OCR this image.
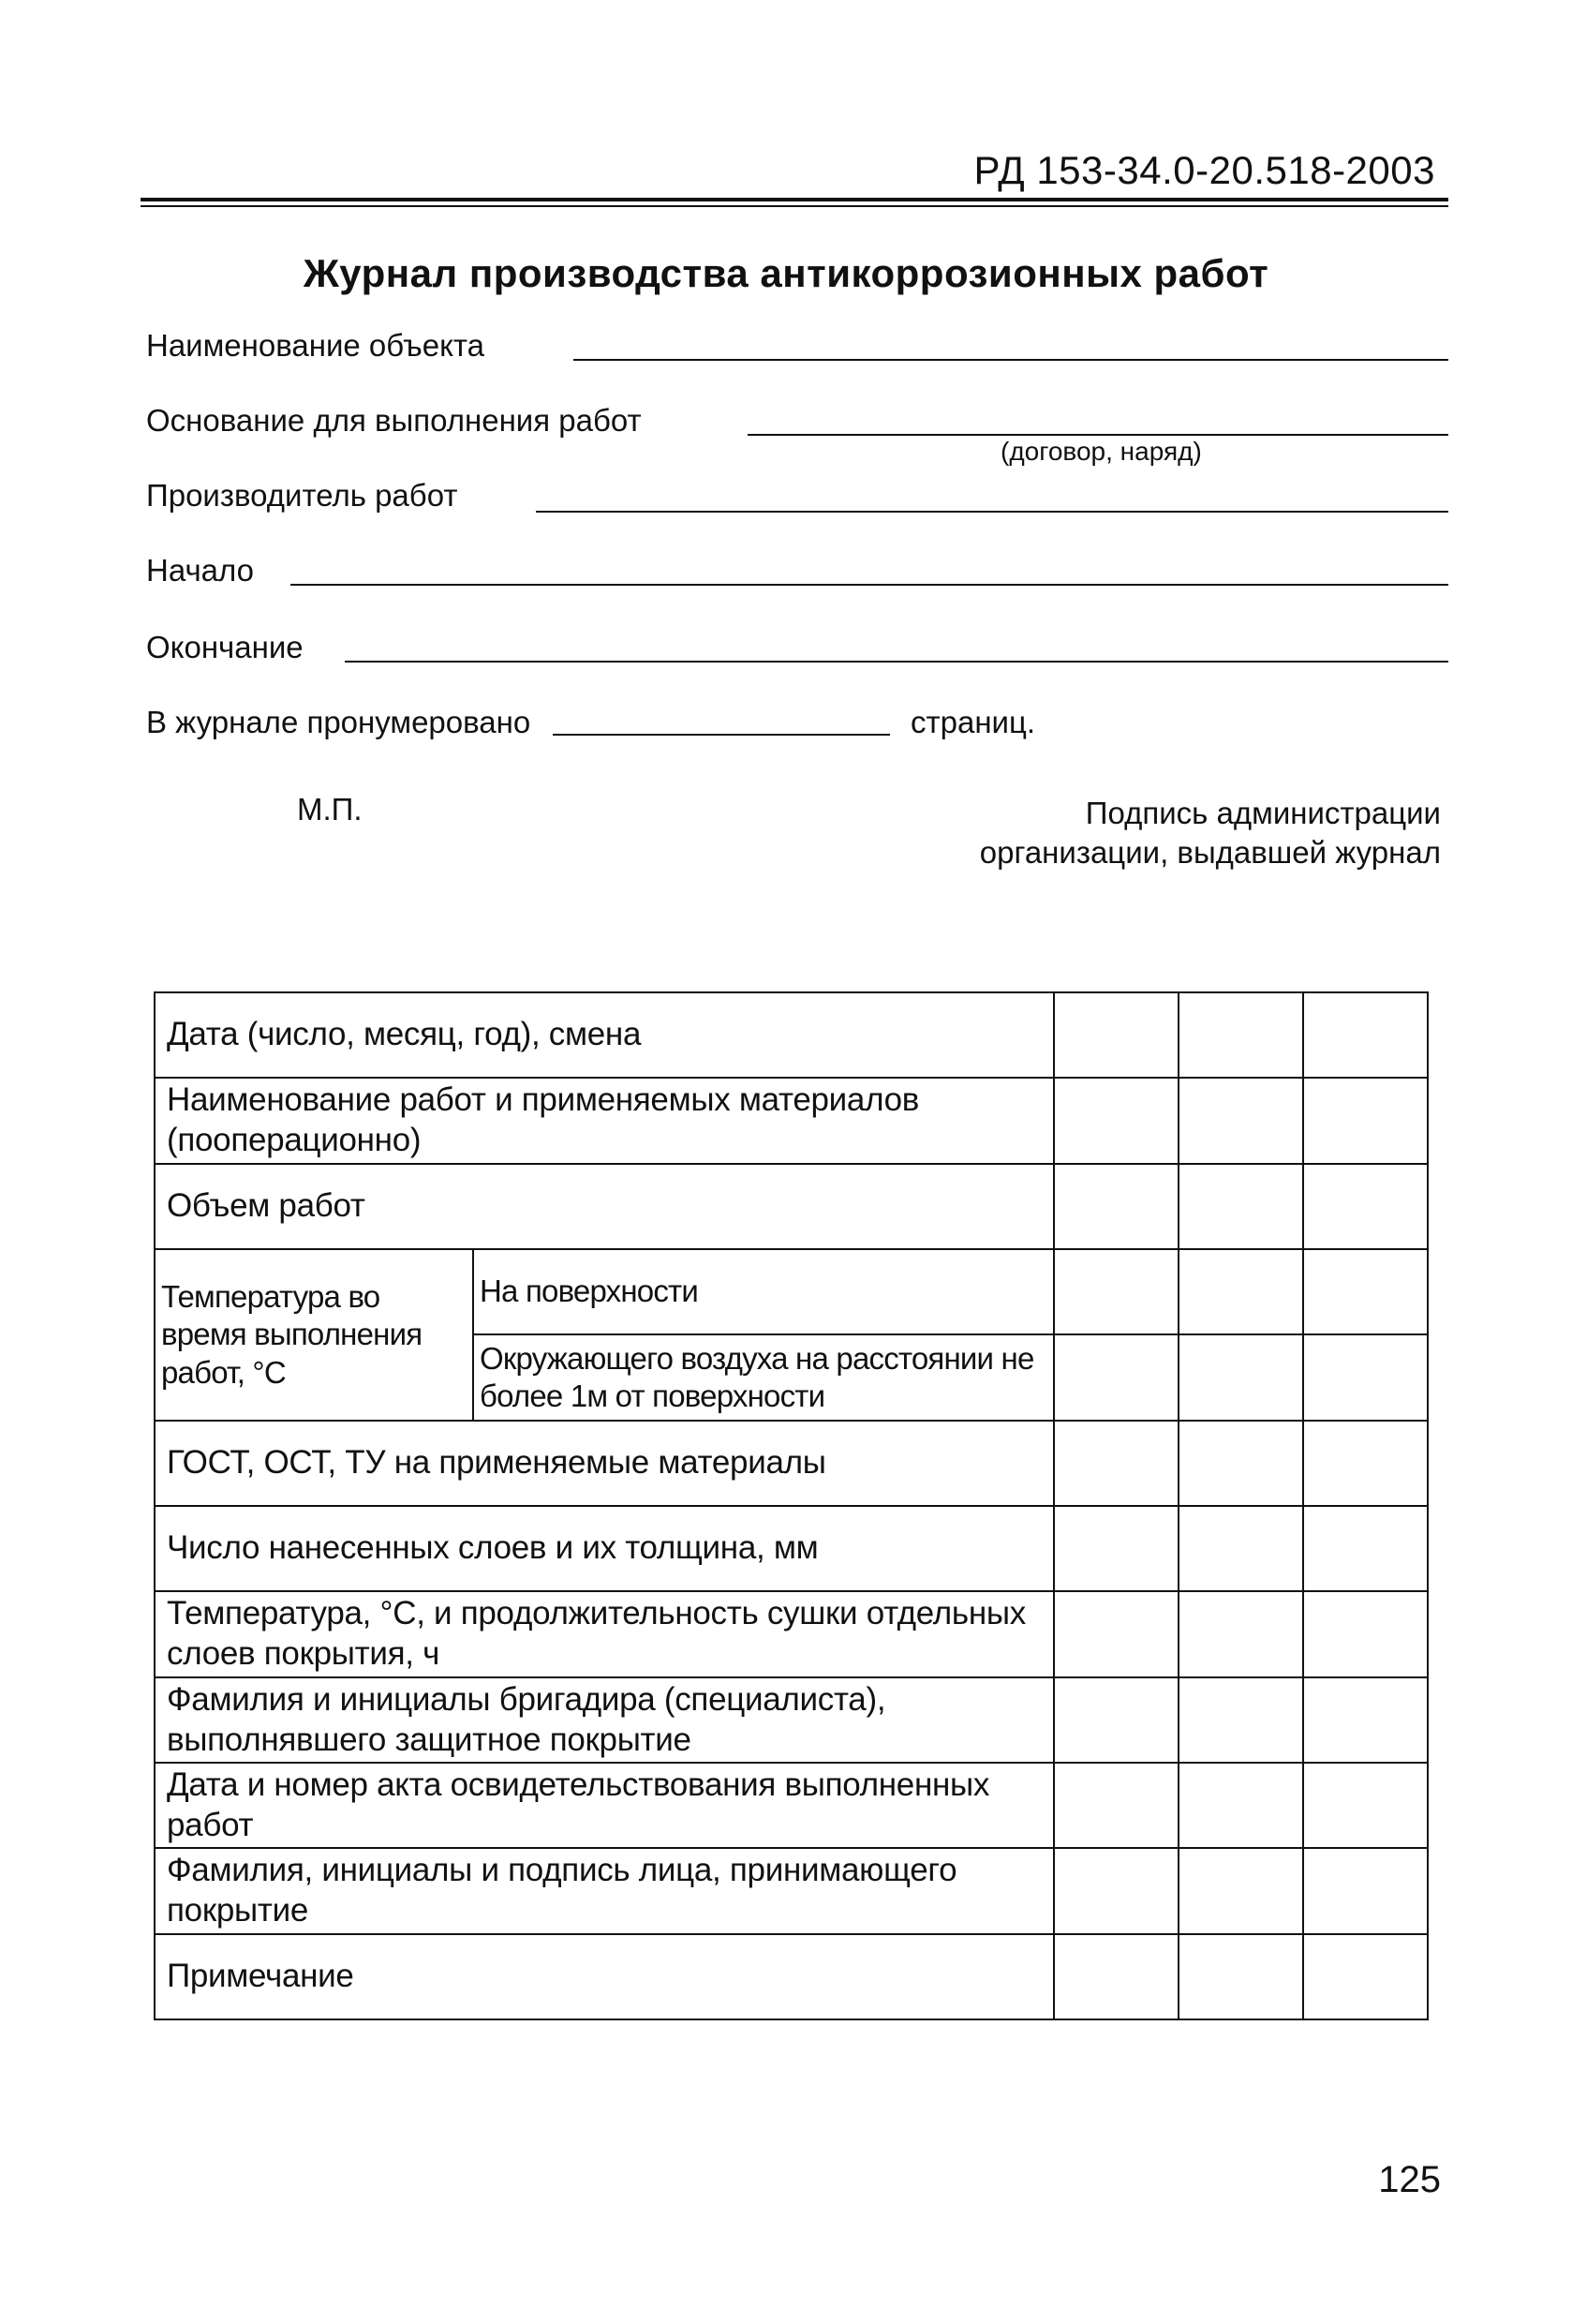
РД 153-34.0-20.518-2003
Журнал производства антикоррозионных работ
Наименование объекта
Основание для выполнения работ
(договор, наряд)
Производитель работ
Начало
Окончание
В журнале пронумеровано	страниц.
М.П.	Подпись администрации
организации, выдавшей журнал
Дата (число, месяц, год), смена				
Наименование работ и применяемых материалов (пооперационно)				
Объем работ				
Температура во время выполнения работ, °С	На поверхности			
	Окружающего воздуха на расстоянии не более 1м от поверхности			
ГОСТ, ОСТ, ТУ на применяемые материалы				
Число нанесенных слоев и их толщина, мм				
Температура, °С, и продолжительность сушки отдельных слоев покрытия, ч				
Фамилия и инициалы бригадира (специалиста), выполнявшего защитное покрытие				
Дата и номер акта освидетельствования выполненных работ				
Фамилия, инициалы и подпись лица, принимающего покрытие				
Примечание				
125
